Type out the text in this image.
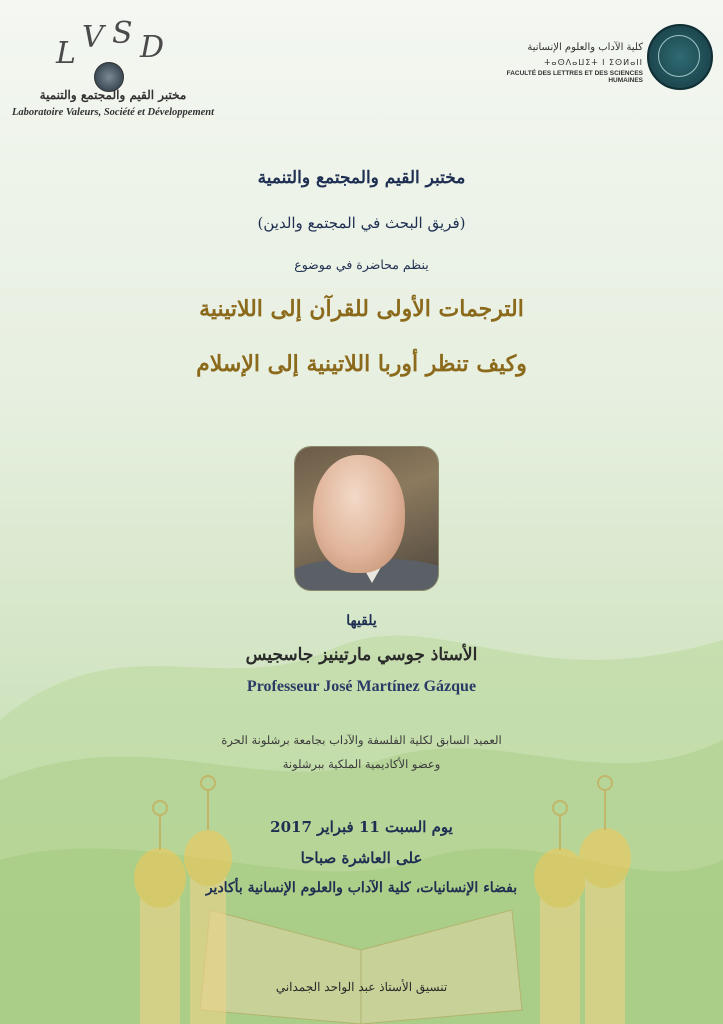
L V S D
مختبر القيم والمجتمع والتنمية
Laboratoire Valeurs, Société et Développement
كلية الآداب والعلوم الإنسانية
ⵜⴰⵙⴷⴰⵡⵉⵜ ⵏ ⵉⵙⵍⴰⵏⵏ
FACULTÉ DES LETTRES ET DES SCIENCES HUMAINES
مختبر القيم والمجتمع والتنمية
(فريق البحث في المجتمع والدين)
ينظم محاضرة في موضوع
الترجمات الأولى للقرآن إلى اللاتينية
وكيف تنظر أوربا اللاتينية إلى الإسلام
يلقيها
الأستاذ جوسي مارتينيز جاسجيس
Professeur José Martínez Gázque
العميد السابق لكلية الفلسفة والآداب بجامعة برشلونة الحرة
وعضو الأكاديمية الملكية ببرشلونة
يوم السبت 11 فبراير 2017
على العاشرة صباحا
بفضاء الإنسانيات، كلية الآداب والعلوم الإنسانية بأكادير
تنسيق الأستاذ عبد الواحد الجمداني
